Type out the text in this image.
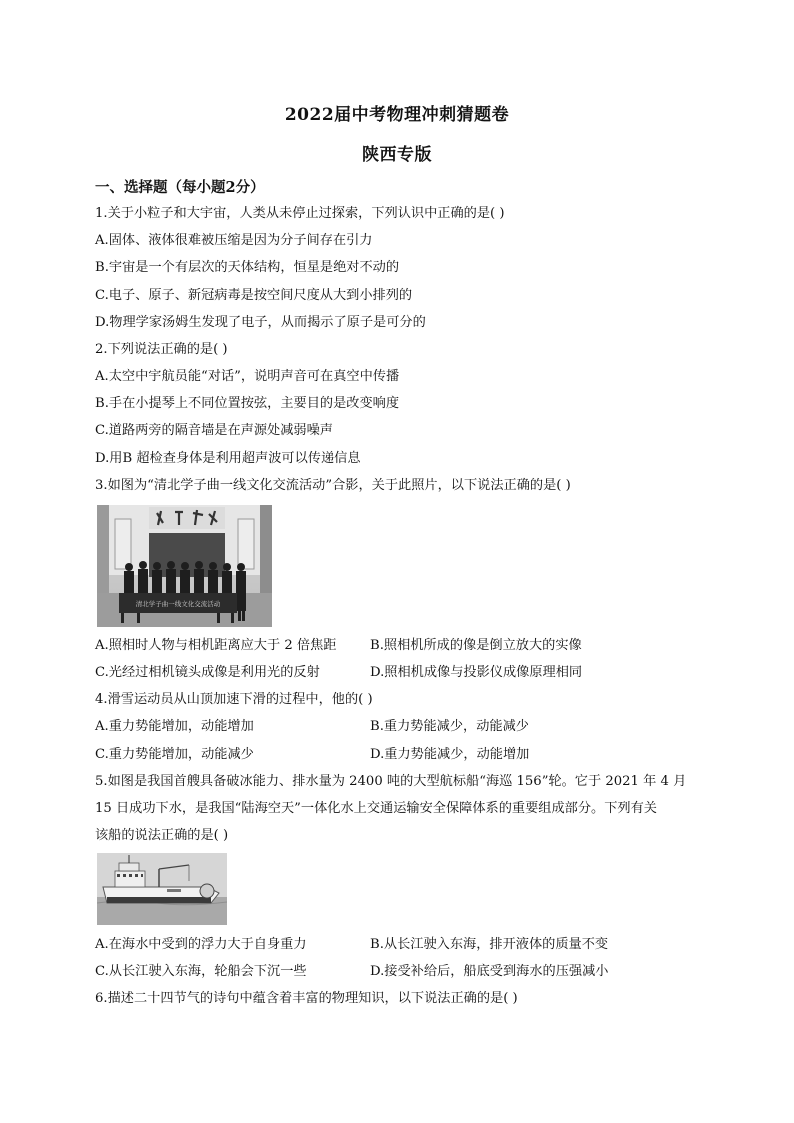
2022届中考物理冲刺猜题卷
陕西专版
一、选择题（每小题2分）
1.关于小粒子和大宇宙，人类从未停止过探索，下列认识中正确的是( )
A.固体、液体很难被压缩是因为分子间存在引力
B.宇宙是一个有层次的天体结构，恒星是绝对不动的
C.电子、原子、新冠病毒是按空间尺度从大到小排列的
D.物理学家汤姆生发现了电子，从而揭示了原子是可分的
2.下列说法正确的是( )
A.太空中宇航员能“对话”，说明声音可在真空中传播
B.手在小提琴上不同位置按弦，主要目的是改变响度
C.道路两旁的隔音墙是在声源处减弱噪声
D.用B 超检查身体是利用超声波可以传递信息
3.如图为“清北学子曲一线文化交流活动”合影，关于此照片，以下说法正确的是( )
清北学子曲一线文化交流活动
A.照相时人物与相机距离应大于 2 倍焦距	B.照相机所成的像是倒立放大的实像
C.光经过相机镜头成像是利用光的反射	D.照相机成像与投影仪成像原理相同
4.滑雪运动员从山顶加速下滑的过程中，他的( )
A.重力势能增加，动能增加	B.重力势能减少，动能减少
C.重力势能增加，动能减少	D.重力势能减少，动能增加
5.如图是我国首艘具备破冰能力、排水量为 2400 吨的大型航标船“海巡 156”轮。它于 2021 年 4 月
15 日成功下水，是我国“陆海空天”一体化水上交通运输安全保障体系的重要组成部分。下列有关
该船的说法正确的是( )
A.在海水中受到的浮力大于自身重力	B.从长江驶入东海，排开液体的质量不变
C.从长江驶入东海，轮船会下沉一些	D.接受补给后，船底受到海水的压强减小
6.描述二十四节气的诗句中蕴含着丰富的物理知识，以下说法正确的是( )
